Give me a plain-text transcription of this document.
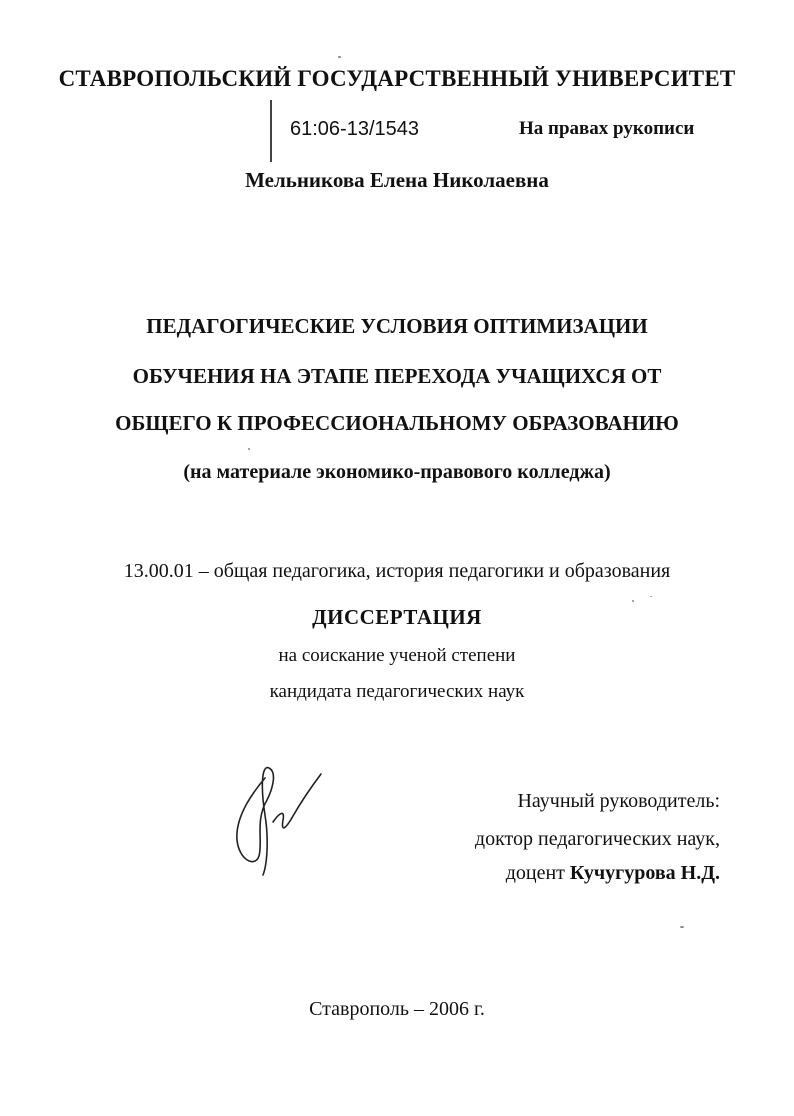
СТАВРОПОЛЬСКИЙ ГОСУДАРСТВЕННЫЙ УНИВЕРСИТЕТ
61:06-13/1543	На правах рукописи
Мельникова Елена Николаевна
ПЕДАГОГИЧЕСКИЕ УСЛОВИЯ ОПТИМИЗАЦИИ
ОБУЧЕНИЯ НА ЭТАПЕ ПЕРЕХОДА УЧАЩИХСЯ ОТ
ОБЩЕГО К ПРОФЕССИОНАЛЬНОМУ ОБРАЗОВАНИЮ
(на материале экономико-правового колледжа)
13.00.01 – общая педагогика, история педагогики и образования
ДИССЕРТАЦИЯ
на соискание ученой степени
кандидата педагогических наук
Научный руководитель:
доктор педагогических наук,
доцент Кучугурова Н.Д.
Ставрополь – 2006 г.
